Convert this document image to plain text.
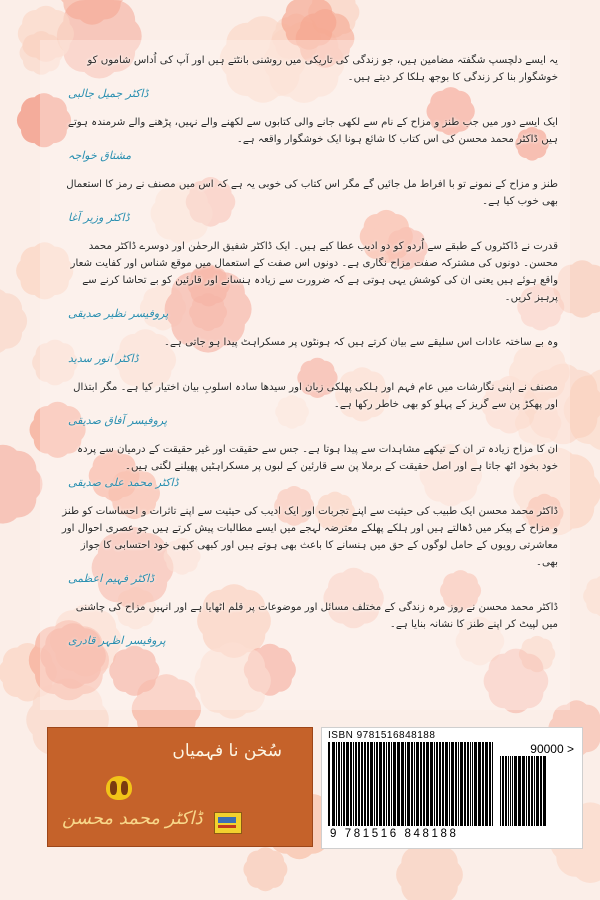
یہ ایسے دلچسپ شگفتہ مضامین ہیں، جو زندگی کی تاریکی میں روشنی بانٹتے ہیں اور آپ کی اُداس شاموں کو خوشگوار بنا کر زندگی کا بوجھ ہلکا کر دیتے ہیں۔
ڈاکٹر جمیل جالبی
ایک ایسے دور میں جب طنز و مزاح کے نام سے لکھی جانے والی کتابوں سے لکھنے والے نہیں، پڑھنے والے شرمندہ ہوتے ہیں ڈاکٹر محمد محسن کی اس کتاب کا شائع ہونا ایک خوشگوار واقعہ ہے۔
مشتاق خواجہ
طنز و مزاح کے نمونے تو با افراط مل جائیں گے مگر اس کتاب کی خوبی یہ ہے کہ اس میں مصنف نے رمز کا استعمال بھی خوب کیا ہے۔
ڈاکٹر وزیر آغا
قدرت نے ڈاکٹروں کے طبقے سے اُردو کو دو ادیب عطا کیے ہیں۔ ایک ڈاکٹر شفیق الرحمٰن اور دوسرے ڈاکٹر محمد محسن۔ دونوں کی مشترکہ صفت مزاح نگاری ہے۔ دونوں اس صفت کے استعمال میں موقع شناس اور کفایت شعار واقع ہوئے ہیں یعنی ان کی کوشش یہی ہوتی ہے کہ ضرورت سے زیادہ ہنسانے اور قارئین کو بے تحاشا کرنے سے پرہیز کریں۔
پروفیسر نظیر صدیقی
وہ بے ساختہ عادات اس سلیقے سے بیان کرتے ہیں کہ ہونٹوں پر مسکراہٹ پیدا ہو جاتی ہے۔
ڈاکٹر انور سدید
مصنف نے اپنی نگارشات میں عام فہم اور ہلکی پھلکی زبان اور سیدھا سادہ اسلوبِ بیان اختیار کیا ہے۔ مگر ابتذال اور پھکڑ پن سے گریز کے پہلو کو بھی خاطر رکھا ہے۔
پروفیسر آفاق صدیقی
ان کا مزاح زیادہ تر ان کے تیکھے مشاہدات سے پیدا ہوتا ہے۔ جس سے حقیقت اور غیر حقیقت کے درمیان سے پردہ خود بخود اٹھ جاتا ہے اور اصل حقیقت کے برملا پن سے قارئین کے لبوں پر مسکراہٹیں پھیلنے لگتی ہیں۔
ڈاکٹر محمد علی صدیقی
ڈاکٹر محمد محسن ایک طبیب کی حیثیت سے اپنے تجربات اور ایک ادیب کی حیثیت سے اپنے تاثرات و احساسات کو طنز و مزاح کے پیکر میں ڈھالتے ہیں اور ہلکے پھلکے معترضہ لہجے میں ایسے مطالبات پیش کرتے ہیں جو عصری احوال اور معاشرتی رویوں کے حامل لوگوں کے حق میں ہنسانے کا باعث بھی ہوتے ہیں اور کبھی کبھی خود احتسابی کا جواز بھی۔
ڈاکٹر فہیم اعظمی
ڈاکٹر محمد محسن نے روز مرہ زندگی کے مختلف مسائل اور موضوعات پر قلم اٹھایا ہے اور انہیں مزاح کی چاشنی میں لپیٹ کر اپنے طنز کا نشانہ بنایا ہے۔
پروفیسر اظہر قادری
سُخن نا فہمیاں
ڈاکٹر محمد محسن
ISBN 9781516848188
90000 >
9 781516 848188
